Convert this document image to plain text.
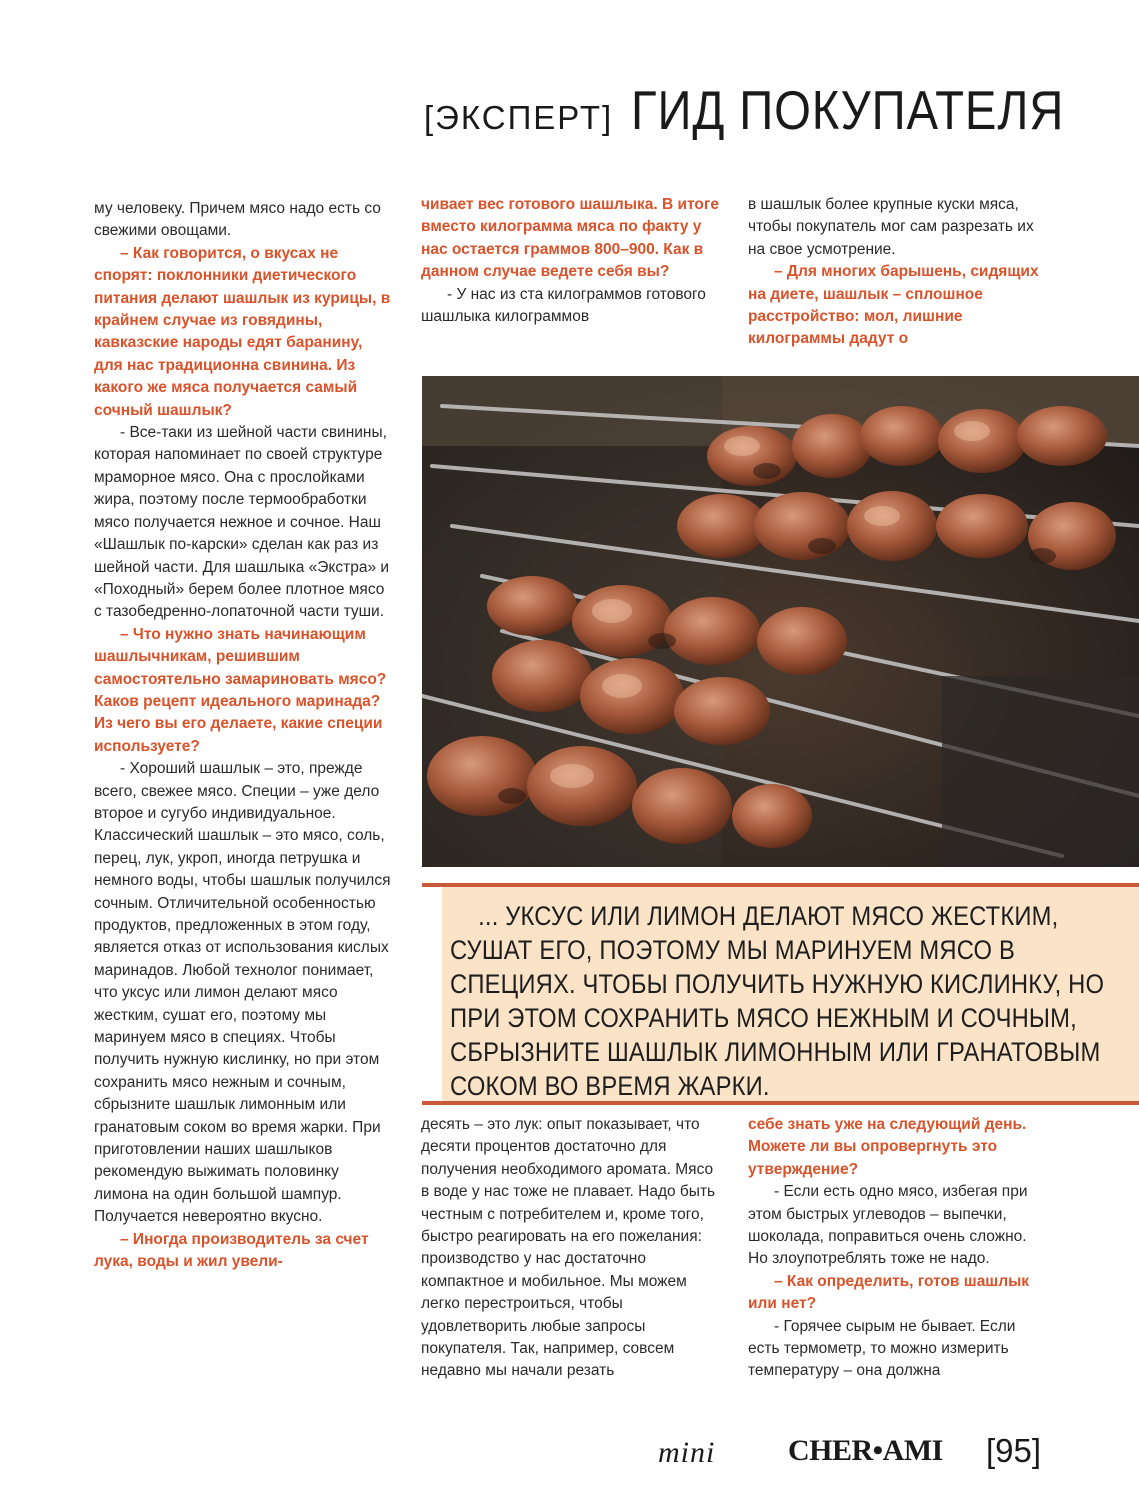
[ЭКСПЕРТ] ГИД ПОКУПАТЕЛЯ

му человеку. Причем мясо надо есть со свежими овощами.

– Как говорится, о вкусах не спорят: поклонники диетического питания делают шашлык из курицы, в крайнем случае из говядины, кавказские народы едят баранину, для нас традиционна свинина. Из какого же мяса получается самый сочный шашлык?

- Все-таки из шейной части свинины, которая напоминает по своей структуре мраморное мясо. Она с прослойками жира, поэтому после термообработки мясо получается нежное и сочное. Наш «Шашлык по-карски» сделан как раз из шейной части. Для шашлыка «Экстра» и «Походный» берем более плотное мясо с тазобедренно-лопаточной части туши.

– Что нужно знать начинающим шашлычникам, решившим самостоятельно замариновать мясо? Каков рецепт идеального маринада? Из чего вы его делаете, какие специи используете?

- Хороший шашлык – это, прежде всего, свежее мясо. Специи – уже дело второе и сугубо индивидуальное. Классический шашлык – это мясо, соль, перец, лук, укроп, иногда петрушка и немного воды, чтобы шашлык получился сочным. Отличительной особенностью продуктов, предложенных в этом году, является отказ от использования кислых маринадов. Любой технолог понимает, что уксус или лимон делают мясо жестким, сушат его, поэтому мы маринуем мясо в специях. Чтобы получить нужную кислинку, но при этом сохранить мясо нежным и сочным, сбрызните шашлык лимонным или гранатовым соком во время жарки. При приготовлении наших шашлыков рекомендую выжимать половинку лимона на один большой шампур. Получается невероятно вкусно.

– Иногда производитель за счет лука, воды и жил увели-

чивает вес готового шашлыка. В итоге вместо килограмма мяса по факту у нас остается граммов 800–900. Как в данном случае ведете себя вы?

- У нас из ста килограммов готового шашлыка килограммов

в шашлык более крупные куски мяса, чтобы покупатель мог сам разрезать их на свое усмотрение.

– Для многих барышень, сидящих на диете, шашлык – сплошное расстройство: мол, лишние килограммы дадут о

... УКСУС ИЛИ ЛИМОН ДЕЛАЮТ МЯСО ЖЕСТКИМ, СУШАТ ЕГО, ПОЭТОМУ МЫ МАРИНУЕМ МЯСО В СПЕЦИЯХ. ЧТОБЫ ПОЛУЧИТЬ НУЖНУЮ КИСЛИНКУ, НО ПРИ ЭТОМ СОХРАНИТЬ МЯСО НЕЖНЫМ И СОЧНЫМ, СБРЫЗНИТЕ ШАШЛЫК ЛИМОННЫМ ИЛИ ГРАНАТОВЫМ СОКОМ ВО ВРЕМЯ ЖАРКИ.

десять – это лук: опыт показывает, что десяти процентов достаточно для получения необходимого аромата. Мясо в воде у нас тоже не плавает. Надо быть честным с потребителем и, кроме того, быстро реагировать на его пожелания: производство у нас достаточно компактное и мобильное. Мы можем легко перестроиться, чтобы удовлетворить любые запросы покупателя. Так, например, совсем недавно мы начали резать

себе знать уже на следующий день. Можете ли вы опровергнуть это утверждение?

- Если есть одно мясо, избегая при этом быстрых углеводов – выпечки, шоколада, поправиться очень сложно. Но злоупотреблять тоже не надо.

– Как определить, готов шашлык или нет?

- Горячее сырым не бывает. Если есть термометр, то можно измерить температуру – она должна

mini CHER•AMI [95]
